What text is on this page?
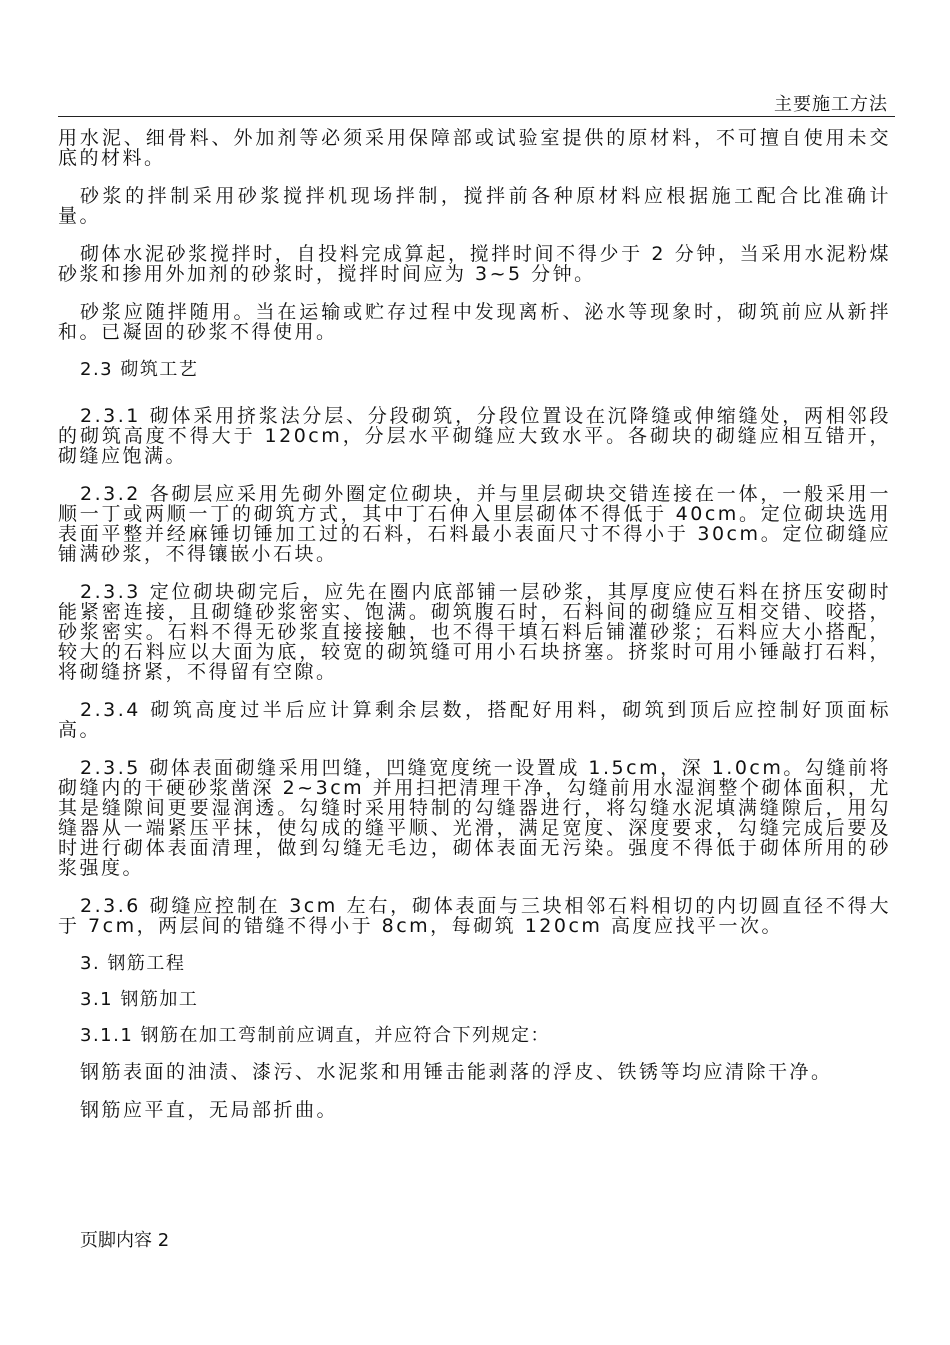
主要施工方法

用水泥、细骨料、外加剂等必须采用保障部或试验室提供的原材料，不可擅自使用未交底的材料。

砂浆的拌制采用砂浆搅拌机现场拌制，搅拌前各种原材料应根据施工配合比准确计量。

砌体水泥砂浆搅拌时，自投料完成算起，搅拌时间不得少于 2 分钟，当采用水泥粉煤砂浆和掺用外加剂的砂浆时，搅拌时间应为 3~5 分钟。

砂浆应随拌随用。当在运输或贮存过程中发现离析、泌水等现象时，砌筑前应从新拌和。已凝固的砂浆不得使用。

2.3 砌筑工艺

2.3.1 砌体采用挤浆法分层、分段砌筑，分段位置设在沉降缝或伸缩缝处，两相邻段的砌筑高度不得大于 120cm，分层水平砌缝应大致水平。各砌块的砌缝应相互错开，砌缝应饱满。

2.3.2 各砌层应采用先砌外圈定位砌块，并与里层砌块交错连接在一体，一般采用一顺一丁或两顺一丁的砌筑方式，其中丁石伸入里层砌体不得低于 40cm。定位砌块选用表面平整并经麻锤切锤加工过的石料，石料最小表面尺寸不得小于 30cm。定位砌缝应铺满砂浆，不得镶嵌小石块。

2.3.3 定位砌块砌完后，应先在圈内底部铺一层砂浆，其厚度应使石料在挤压安砌时能紧密连接，且砌缝砂浆密实、饱满。砌筑腹石时，石料间的砌缝应互相交错、咬搭，砂浆密实。石料不得无砂浆直接接触，也不得干填石料后铺灌砂浆；石料应大小搭配，较大的石料应以大面为底，较宽的砌筑缝可用小石块挤塞。挤浆时可用小锤敲打石料，将砌缝挤紧，不得留有空隙。

2.3.4 砌筑高度过半后应计算剩余层数，搭配好用料，砌筑到顶后应控制好顶面标高。

2.3.5 砌体表面砌缝采用凹缝，凹缝宽度统一设置成 1.5cm，深 1.0cm。勾缝前将砌缝内的干硬砂浆凿深 2~3cm 并用扫把清理干净，勾缝前用水湿润整个砌体面积，尤其是缝隙间更要湿润透。勾缝时采用特制的勾缝器进行，将勾缝水泥填满缝隙后，用勾缝器从一端紧压平抹，使勾成的缝平顺、光滑，满足宽度、深度要求，勾缝完成后要及时进行砌体表面清理，做到勾缝无毛边，砌体表面无污染。强度不得低于砌体所用的砂浆强度。

2.3.6 砌缝应控制在 3cm 左右，砌体表面与三块相邻石料相切的内切圆直径不得大于 7cm，两层间的错缝不得小于 8cm，每砌筑 120cm 高度应找平一次。

3. 钢筋工程
3.1 钢筋加工
3.1.1 钢筋在加工弯制前应调直，并应符合下列规定：

钢筋表面的油渍、漆污、水泥浆和用锤击能剥落的浮皮、铁锈等均应清除干净。

钢筋应平直，无局部折曲。

页脚内容 2
